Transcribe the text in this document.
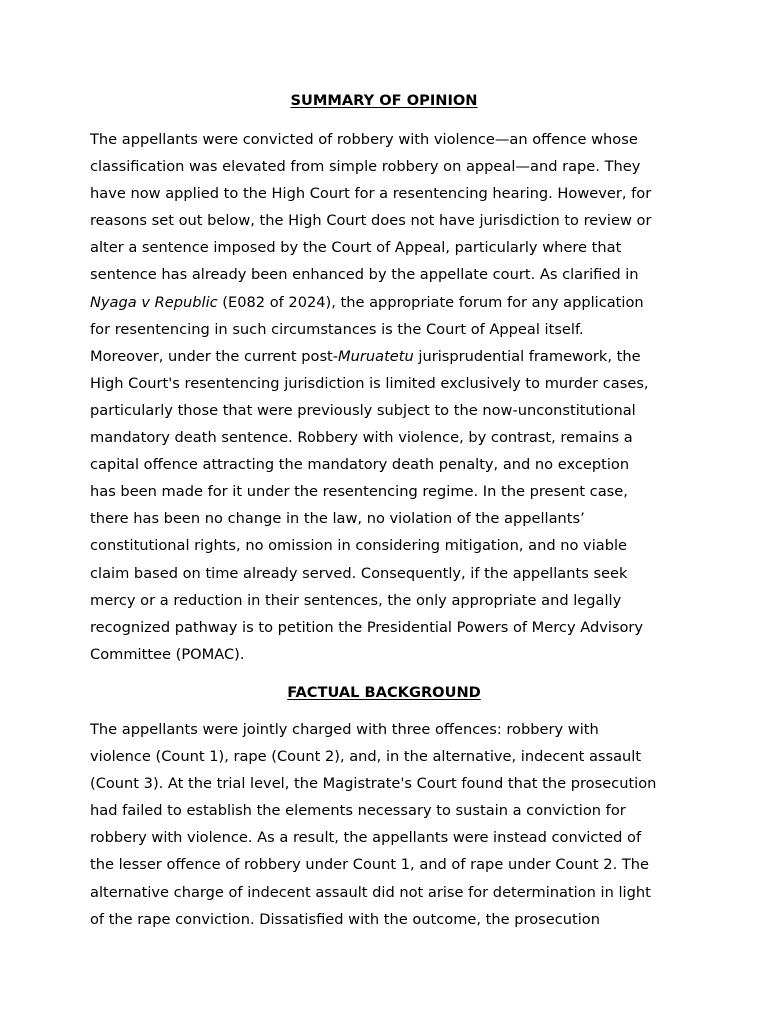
SUMMARY OF OPINION
The appellants were convicted of robbery with violence—an offence whose
classification was elevated from simple robbery on appeal—and rape. They
have now applied to the High Court for a resentencing hearing. However, for
reasons set out below, the High Court does not have jurisdiction to review or
alter a sentence imposed by the Court of Appeal, particularly where that
sentence has already been enhanced by the appellate court. As clarified in
Nyaga v Republic (E082 of 2024), the appropriate forum for any application
for resentencing in such circumstances is the Court of Appeal itself.
Moreover, under the current post-Muruatetu jurisprudential framework, the
High Court's resentencing jurisdiction is limited exclusively to murder cases,
particularly those that were previously subject to the now-unconstitutional
mandatory death sentence. Robbery with violence, by contrast, remains a
capital offence attracting the mandatory death penalty, and no exception
has been made for it under the resentencing regime. In the present case,
there has been no change in the law, no violation of the appellants’
constitutional rights, no omission in considering mitigation, and no viable
claim based on time already served. Consequently, if the appellants seek
mercy or a reduction in their sentences, the only appropriate and legally
recognized pathway is to petition the Presidential Powers of Mercy Advisory
Committee (POMAC).
FACTUAL BACKGROUND
The appellants were jointly charged with three offences: robbery with
violence (Count 1), rape (Count 2), and, in the alternative, indecent assault
(Count 3). At the trial level, the Magistrate's Court found that the prosecution
had failed to establish the elements necessary to sustain a conviction for
robbery with violence. As a result, the appellants were instead convicted of
the lesser offence of robbery under Count 1, and of rape under Count 2. The
alternative charge of indecent assault did not arise for determination in light
of the rape conviction. Dissatisfied with the outcome, the prosecution
